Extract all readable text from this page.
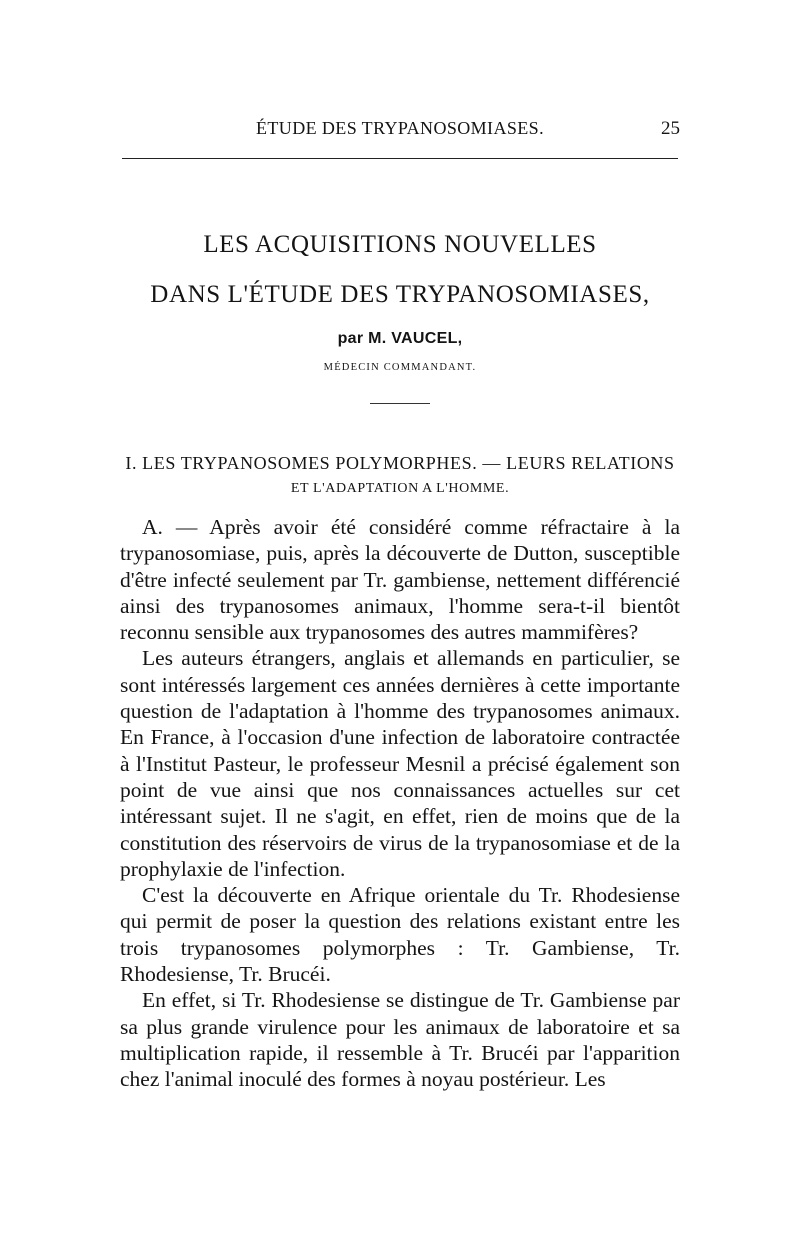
ÉTUDE DES TRYPANOSOMIASES.	25
LES ACQUISITIONS NOUVELLES
DANS L'ÉTUDE DES TRYPANOSOMIASES,
par M. VAUCEL,
MÉDECIN COMMANDANT.
I. LES TRYPANOSOMES POLYMORPHES. — LEURS RELATIONS
ET L'ADAPTATION A L'HOMME.

A. — Après avoir été considéré comme réfractaire à la trypanosomiase, puis, après la découverte de Dutton, susceptible d'être infecté seulement par Tr. gambiense, nettement différencié ainsi des trypanosomes animaux, l'homme sera-t-il bientôt reconnu sensible aux trypanosomes des autres mammifères?

Les auteurs étrangers, anglais et allemands en particulier, se sont intéressés largement ces années dernières à cette importante question de l'adaptation à l'homme des trypanosomes animaux. En France, à l'occasion d'une infection de laboratoire contractée à l'Institut Pasteur, le professeur Mesnil a précisé également son point de vue ainsi que nos connaissances actuelles sur cet intéressant sujet. Il ne s'agit, en effet, rien de moins que de la constitution des réservoirs de virus de la trypanosomiase et de la prophylaxie de l'infection.

C'est la découverte en Afrique orientale du Tr. Rhodesiense qui permit de poser la question des relations existant entre les trois trypanosomes polymorphes : Tr. Gambiense, Tr. Rhodesiense, Tr. Brucéi.

En effet, si Tr. Rhodesiense se distingue de Tr. Gambiense par sa plus grande virulence pour les animaux de laboratoire et sa multiplication rapide, il ressemble à Tr. Brucéi par l'apparition chez l'animal inoculé des formes à noyau postérieur. Les
